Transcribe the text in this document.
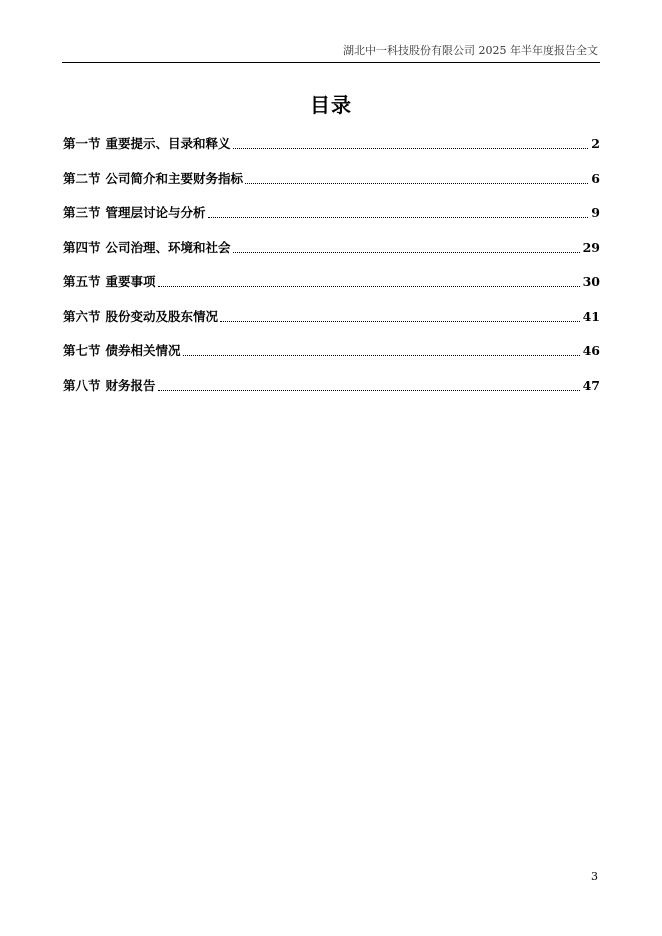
湖北中一科技股份有限公司 2025 年半年度报告全文
目录
第一节 重要提示、目录和释义	2
第二节 公司简介和主要财务指标	6
第三节 管理层讨论与分析	9
第四节 公司治理、环境和社会	29
第五节 重要事项	30
第六节 股份变动及股东情况	41
第七节 债券相关情况	46
第八节 财务报告	47
3
